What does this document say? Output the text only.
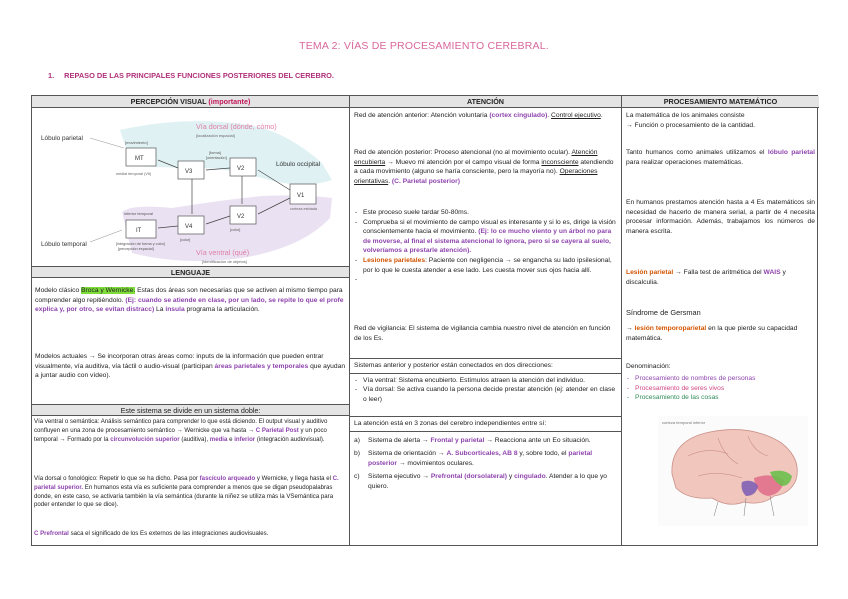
TEMA 2: VÍAS DE PROCESAMIENTO CEREBRAL.
1. REPASO DE LAS PRINCIPALES FUNCIONES POSTERIORES DEL CEREBRO.
PERCEPCIÓN VISUAL (importante)
Vía dorsal (dónde, cómo)
[localización espacial]
Lóbulo parietal
Lóbulo occipital
Lóbulo temporal
Vía ventral (qué)
[identificación de objetos]
[movimiento]
MT
medial temporal (V5)	V3
[forma]
[orientación]
V2
V1
corteza estriada
V2
[color]
V4
[color]
inferior temporal
IT
[integración de forma y color]
[percepción espacial]
LENGUAJE
Modelo clásico Broca y Wernicke. Estas dos áreas son necesarias que se activen al mismo tiempo para comprender algo repitiéndolo. (Ej: cuando se atiende en clase, por un lado, se repite lo que el profe explica y, por otro, se evitan distracc) La ínsula programa la articulación.
Modelos actuales → Se incorporan otras áreas como: inputs de la información que pueden entrar visualmente, vía auditiva, vía táctil o audio-visual (participan áreas parietales y temporales que ayudan a juntar audio con vídeo).
Este sistema se divide en un sistema doble:
Vía ventral o semántica: Análisis semántico para comprender lo que está diciendo. El output visual y auditivo confluyen en una zona de procesamiento semántico → Wernicke que va hasta → C Parietal Post y un poco temporal → Formado por la circunvolución superior (auditiva), media e inferior (integración audiovisual).
Vía dorsal o fonológico: Repetir lo que se ha dicho. Pasa por fascículo arqueado y Wernicke, y llega hasta el C. parietal superior. En humanos esta vía es suficiente para comprender a menos que se digan pseudopalabras donde, en este caso, se activaría también la vía semántica (durante la niñez se utiliza más la VSemántica para poder entender lo que se dice).
C Prefrontal saca el significado de los Es externos de las integraciones audiovisuales.
ATENCIÓN
Red de atención anterior: Atención voluntaria (cortex cingulado). Control ejecutivo.
Red de atención posterior: Proceso atencional (no al movimiento ocular). Atención encubierta → Muevo mi atención por el campo visual de forma inconsciente atendiendo a cada movimiento (alguno se haría consciente, pero la mayoría no). Operaciones orientativas. (C. Parietal posterior)
- Este proceso suele tardar 50-80ms.
- Comprueba si el movimiento de campo visual es interesante y si lo es, dirige la visión conscientemente hacia el movimiento. (Ej: lo ce mucho viento y un árbol no para de moverse, al final el sistema atencional lo ignora, pero si se cayera al suelo, volveríamos a prestarle atención).
- Lesiones parietales: Paciente con negligencia → se engancha su lado ipsilesional, por lo que le cuesta atender a ese lado. Les cuesta mover sus ojos hacia allí.
Red de vigilancia: El sistema de vigilancia cambia nuestro nivel de atención en función de los Es.
Sistemas anterior y posterior están conectados en dos direcciones:
- Vía ventral: Sistema encubierto. Estímulos atraen la atención del individuo.
- Vía dorsal: Se activa cuando la persona decide prestar atención (ej: atender en clase o leer)
La atención está en 3 zonas del cerebro independientes entre sí:
a)	Sistema de alerta → Frontal y parietal → Reacciona ante un Eo situación.
b)	Sistema de orientación → A. Subcorticales, AB 8 y, sobre todo, el parietal posterior → movimientos oculares.
c)	Sistema ejecutivo → Prefrontal (dorsolateral) y cingulado. Atender a lo que yo quiero.
PROCESAMIENTO MATEMÁTICO
La matemática de los animales consiste
→ Función o procesamiento de la cantidad.
Tanto humanos como animales utilizamos el lóbulo parietal para realizar operaciones matemáticas.
En humanos prestamos atención hasta a 4 Es matemáticos sin necesidad de hacerlo de manera serial, a partir de 4 necesita procesar información. Además, trabajamos los números de manera escrita.
Lesión parietal → Falla test de aritmética del WAIS y discalculia.
Síndrome de Gersman
→ lesión temporoparietal en la que pierde su capacidad matemática.
Denominación:
- Procesamiento de nombres de personas
- Procesamiento de seres vivos
- Procesamiento de las cosas
corteza temporal inferior
